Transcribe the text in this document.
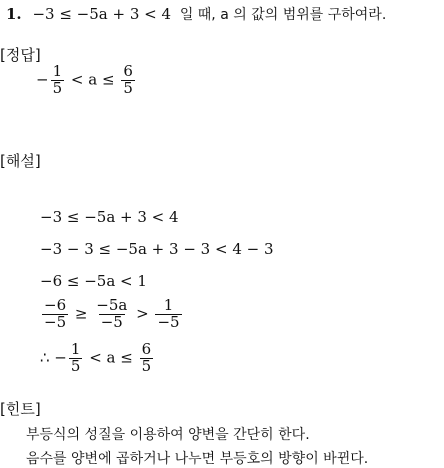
1. −3 ≤ −5a + 3 < 4 일 때, a 의 값의 범위를 구하여라.
[정답]
− $\frac{1}{5} < a \le \frac{6}{5}$
[해설]
−3 ≤ −5a + 3 < 4
−3 − 3 ≤ −5a + 3 − 3 < 4 − 3
−6 ≤ −5a < 1
$\frac{-6}{-5} \ge \frac{-5a}{-5} > \frac{1}{-5}$
∴ − $\frac{1}{5} < a \le \frac{6}{5}$
[힌트]
부등식의 성질을 이용하여 양변을 간단히 한다.
음수를 양변에 곱하거나 나누면 부등호의 방향이 바뀐다.
